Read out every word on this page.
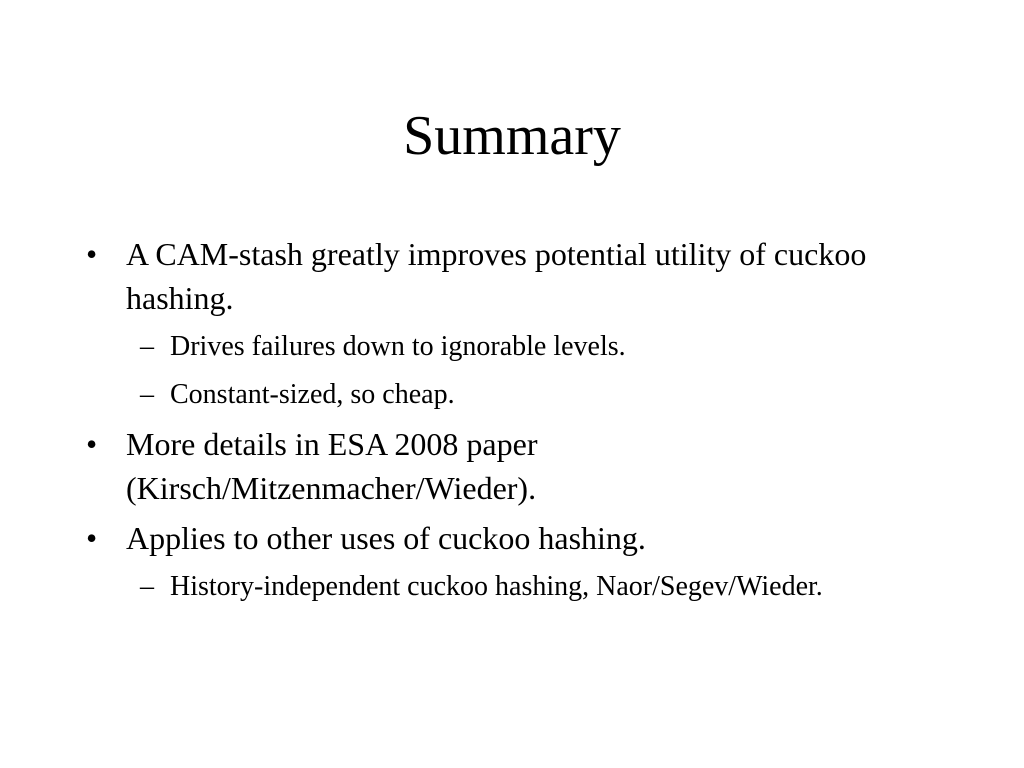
Summary
• A CAM-stash greatly improves potential utility of cuckoo hashing.
– Drives failures down to ignorable levels.
– Constant-sized, so cheap.
• More details in ESA 2008 paper (Kirsch/Mitzenmacher/Wieder).
• Applies to other uses of cuckoo hashing.
– History-independent cuckoo hashing, Naor/Segev/Wieder.
